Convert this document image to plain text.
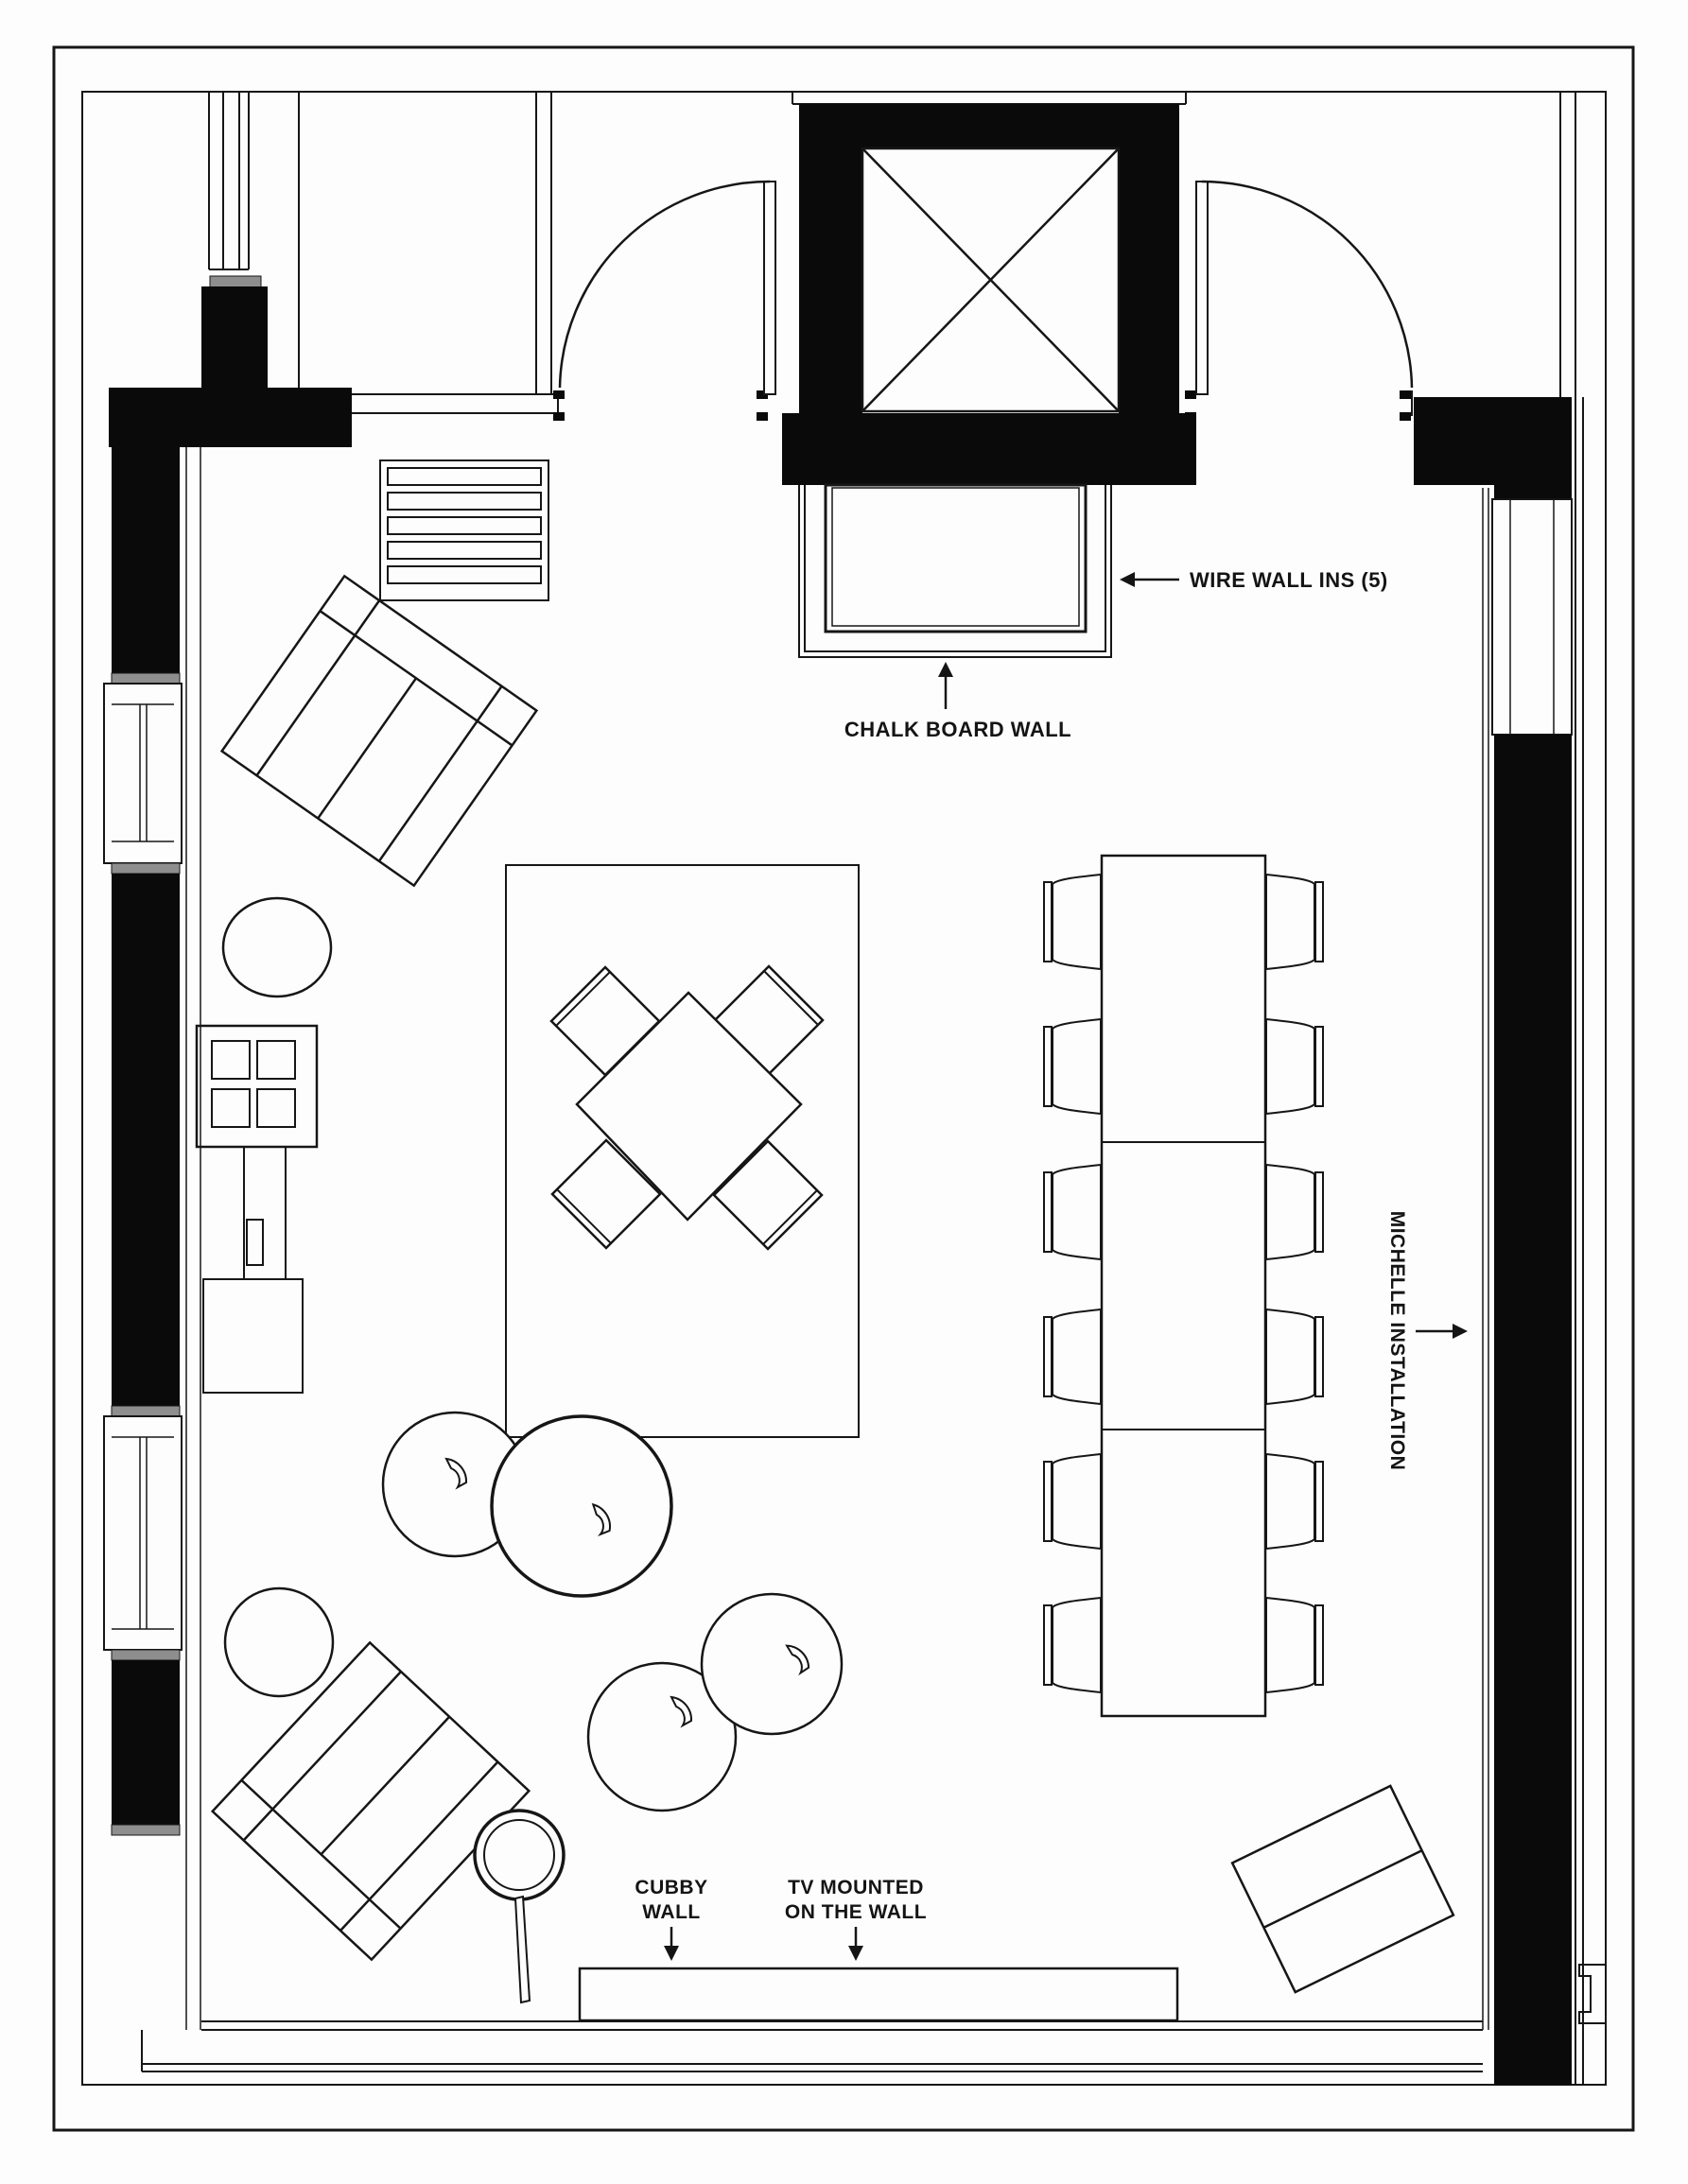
WIRE WALL INS (5)
CHALK BOARD WALL
MICHELLE INSTALLATION
CUBBY
WALL
TV MOUNTED
ON THE WALL
